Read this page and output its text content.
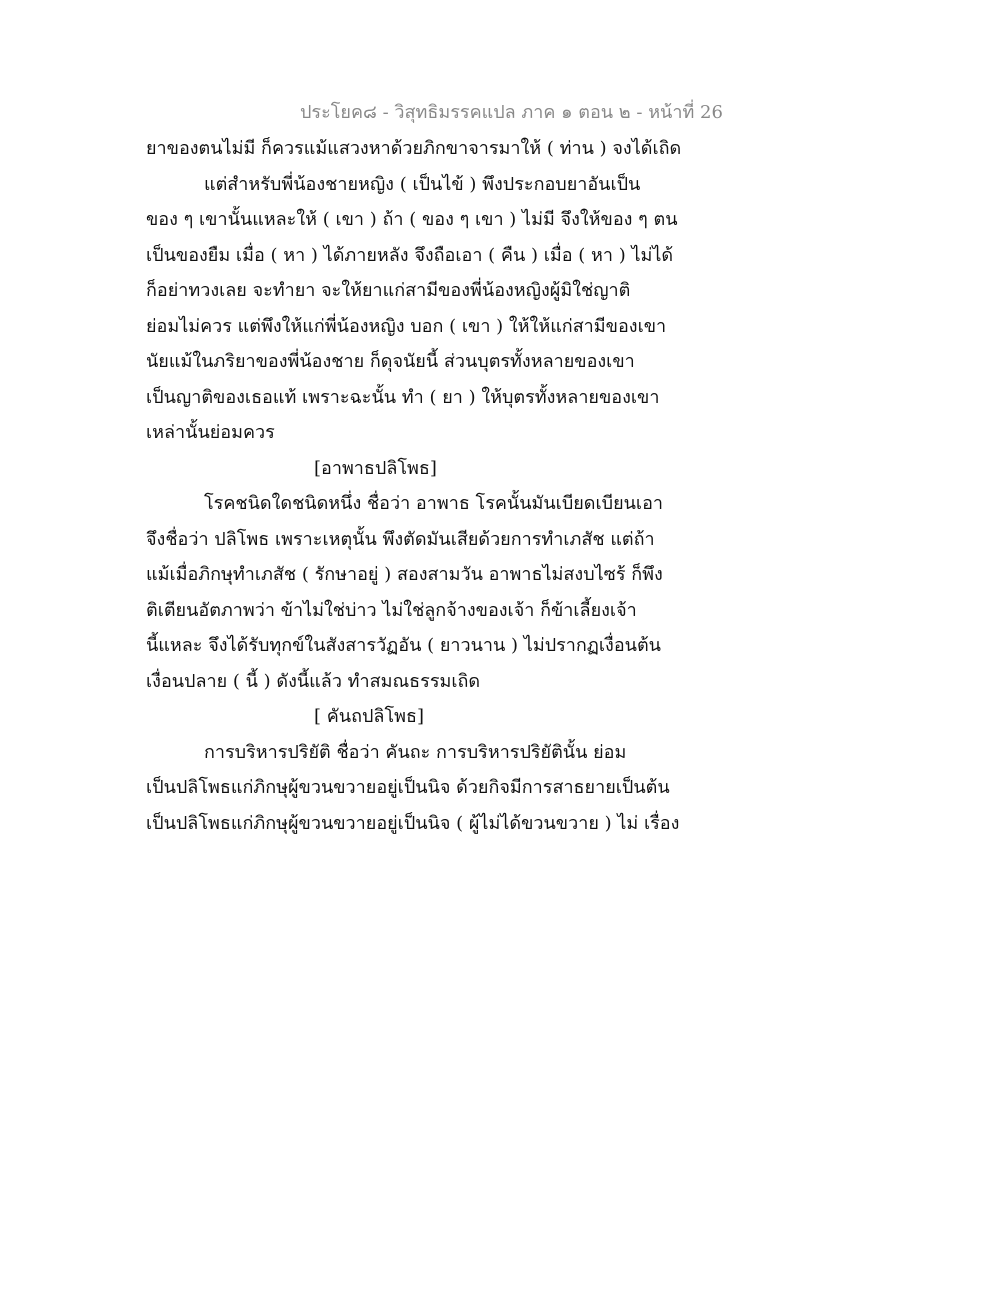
ประโยค๘ - วิสุทธิมรรคแปล ภาค ๑ ตอน ๒ - หน้าที่ 26
ยาของตนไม่มี ก็ควรแม้แสวงหาด้วยภิกขาจารมาให้ ( ท่าน ) จงได้เถิด
แต่สำหรับพี่น้องชายหญิง ( เป็นไข้ ) พึงประกอบยาอันเป็น
ของ ๆ เขานั้นแหละให้ ( เขา ) ถ้า ( ของ ๆ เขา ) ไม่มี จึงให้ของ ๆ ตน
เป็นของยืม เมื่อ ( หา ) ได้ภายหลัง จึงถือเอา ( คืน ) เมื่อ ( หา ) ไม่ได้
ก็อย่าทวงเลย จะทำยา จะให้ยาแก่สามีของพี่น้องหญิงผู้มิใช่ญาติ
ย่อมไม่ควร แต่พึงให้แก่พี่น้องหญิง บอก ( เขา ) ให้ให้แก่สามีของเขา
นัยแม้ในภริยาของพี่น้องชาย ก็ดุจนัยนี้ ส่วนบุตรทั้งหลายของเขา
เป็นญาติของเธอแท้ เพราะฉะนั้น ทำ ( ยา ) ให้บุตรทั้งหลายของเขา
เหล่านั้นย่อมควร
[อาพาธปลิโพธ]
โรคชนิดใดชนิดหนึ่ง ชื่อว่า อาพาธ โรคนั้นมันเบียดเบียนเอา
จึงชื่อว่า ปลิโพธ เพราะเหตุนั้น พึงตัดมันเสียด้วยการทำเภสัช แต่ถ้า
แม้เมื่อภิกษุทำเภสัช ( รักษาอยู่ ) สองสามวัน อาพาธไม่สงบไซร้ ก็พึง
ติเตียนอัตภาพว่า ข้าไม่ใช่บ่าว ไม่ใช่ลูกจ้างของเจ้า ก็ข้าเลี้ยงเจ้า
นี้แหละ จึงได้รับทุกข์ในสังสารวัฏอัน ( ยาวนาน ) ไม่ปรากฏเงื่อนต้น
เงื่อนปลาย ( นี้ ) ดังนี้แล้ว ทำสมณธรรมเถิด
[ คันถปลิโพธ]
การบริหารปริยัติ ชื่อว่า คันถะ การบริหารปริยัตินั้น ย่อม
เป็นปลิโพธแก่ภิกษุผู้ขวนขวายอยู่เป็นนิจ ด้วยกิจมีการสาธยายเป็นต้น
เป็นปลิโพธแก่ภิกษุผู้ขวนขวายอยู่เป็นนิจ ( ผู้ไม่ได้ขวนขวาย ) ไม่ เรื่อง
